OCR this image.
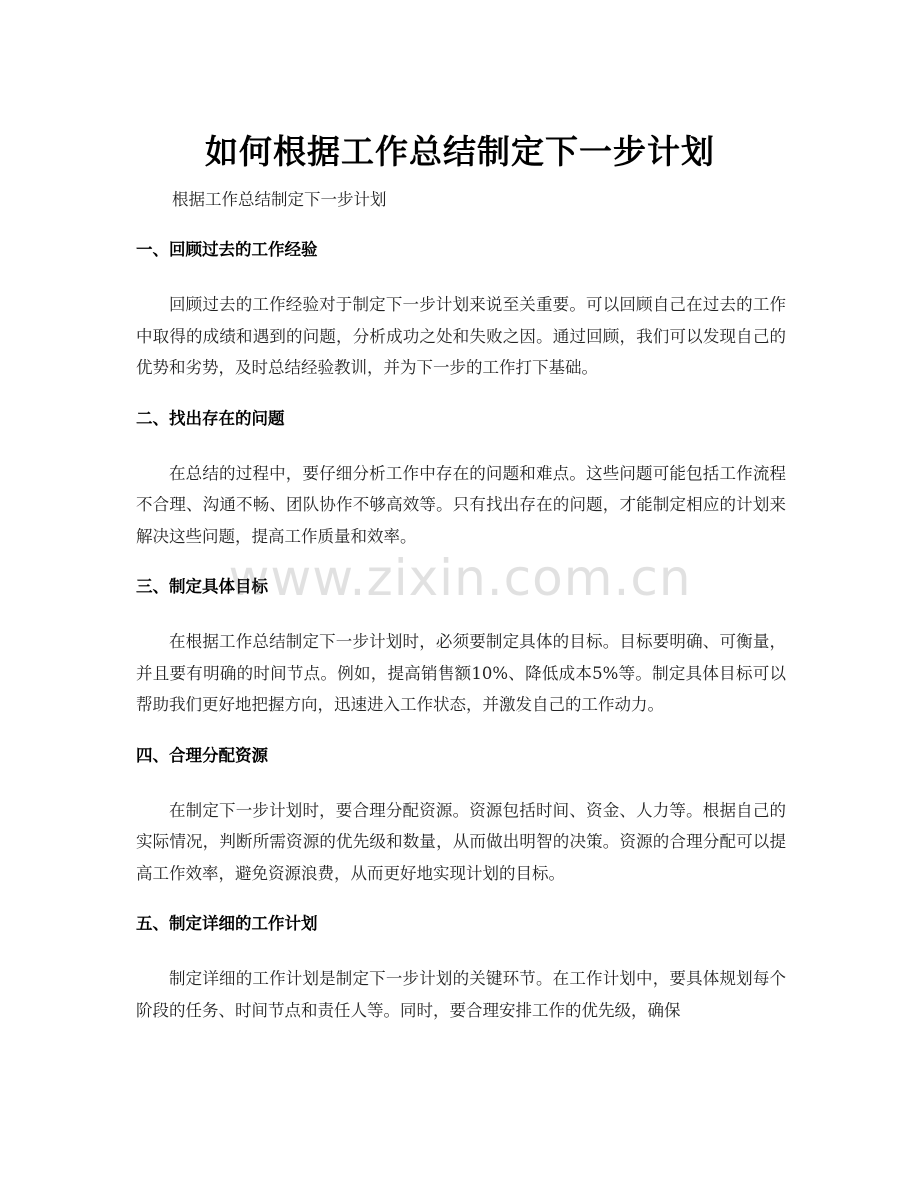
如何根据工作总结制定下一步计划
根据工作总结制定下一步计划
一、回顾过去的工作经验

回顾过去的工作经验对于制定下一步计划来说至关重要。可以回顾自己在过去的工作中取得的成绩和遇到的问题，分析成功之处和失败之因。通过回顾，我们可以发现自己的优势和劣势，及时总结经验教训，并为下一步的工作打下基础。

二、找出存在的问题

在总结的过程中，要仔细分析工作中存在的问题和难点。这些问题可能包括工作流程不合理、沟通不畅、团队协作不够高效等。只有找出存在的问题，才能制定相应的计划来解决这些问题，提高工作质量和效率。

三、制定具体目标

在根据工作总结制定下一步计划时，必须要制定具体的目标。目标要明确、可衡量，并且要有明确的时间节点。例如，提高销售额10%、降低成本5%等。制定具体目标可以帮助我们更好地把握方向，迅速进入工作状态，并激发自己的工作动力。

四、合理分配资源

在制定下一步计划时，要合理分配资源。资源包括时间、资金、人力等。根据自己的实际情况，判断所需资源的优先级和数量，从而做出明智的决策。资源的合理分配可以提高工作效率，避免资源浪费，从而更好地实现计划的目标。

五、制定详细的工作计划

制定详细的工作计划是制定下一步计划的关键环节。在工作计划中，要具体规划每个阶段的任务、时间节点和责任人等。同时，要合理安排工作的优先级，确保

www.zixin.com.cn
